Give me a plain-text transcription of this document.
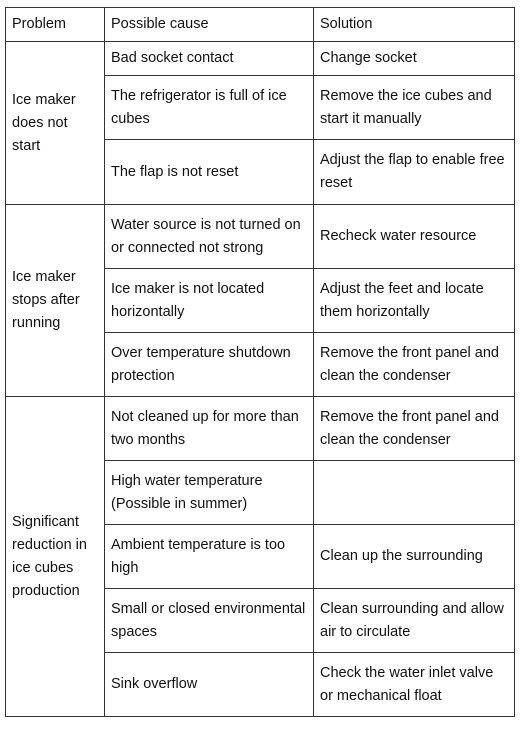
Problem	Possible cause	Solution
Ice maker does not start	Bad socket contact	Change socket
	The refrigerator is full of ice cubes	Remove the ice cubes and start it manually
	The flap is not reset	Adjust the flap to enable free reset
Ice maker stops after running	Water source is not turned on or connected not strong	Recheck water resource
	Ice maker is not located horizontally	Adjust the feet and locate them horizontally
	Over temperature shutdown protection	Remove the front panel and clean the condenser
Significant reduction in ice cubes production	Not cleaned up for more than two months	Remove the front panel and clean the condenser
	High water temperature (Possible in summer)	
	Ambient temperature is too high	Clean up the surrounding
	Small or closed environmental spaces	Clean surrounding and allow air to circulate
	Sink overflow	Check the water inlet valve or mechanical float
